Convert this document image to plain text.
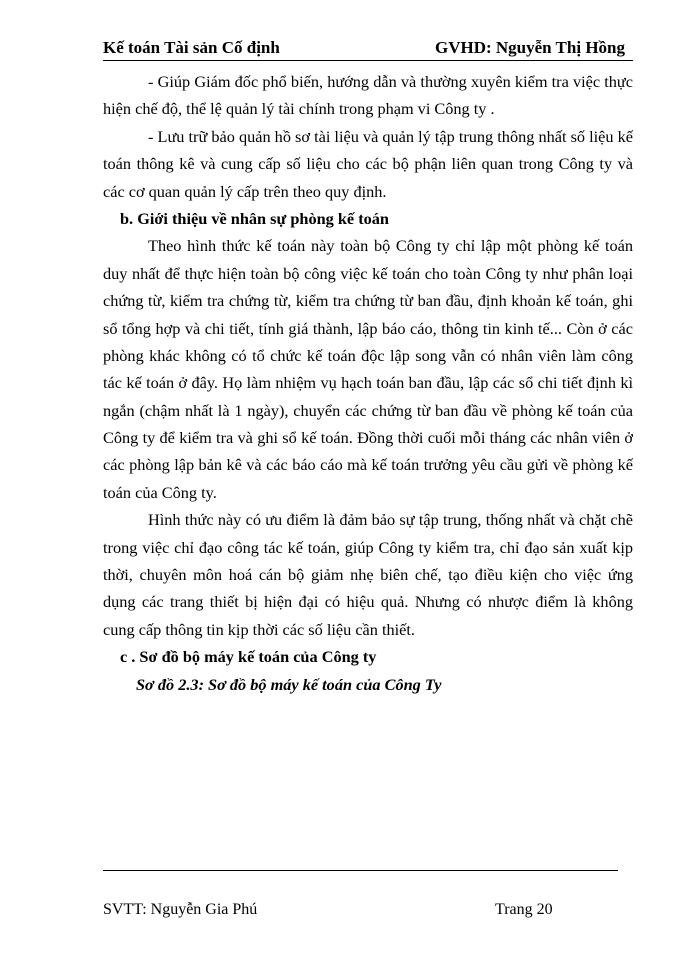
Kế toán Tài sản Cố định	GVHD: Nguyễn Thị Hồng
- Giúp Giám đốc phổ biến, hướng dẫn và thường xuyên kiểm tra việc thực
hiện chế độ, thể lệ quản lý tài chính trong phạm vi Công ty .
- Lưu trữ bảo quản hồ sơ tài liệu và quản lý tập trung thông nhất số liệu kế
toán thông kê và cung cấp số liệu cho các bộ phận liên quan trong Công ty và
các cơ quan quản lý cấp trên theo quy định.
b. Giới thiệu về nhân sự phòng kế toán
Theo hình thức kế toán này toàn bộ Công ty chỉ lập một phòng kế toán
duy nhất để thực hiện toàn bộ công việc kế toán cho toàn Công ty như phân loại
chứng từ, kiểm tra chứng từ, kiểm tra chứng từ ban đầu, định khoản kế toán, ghi
sổ tổng hợp và chi tiết, tính giá thành, lập báo cáo, thông tin kinh tế... Còn ở các
phòng khác không có tổ chức kế toán độc lập song vẫn có nhân viên làm công
tác kế toán ở đây. Họ làm nhiệm vụ hạch toán ban đầu, lập các sổ chi tiết định kì
ngắn (chậm nhất là 1 ngày), chuyển các chứng từ ban đầu về phòng kế toán của
Công ty để kiểm tra và ghi sổ kế toán. Đồng thời cuối mỗi tháng các nhân viên ở
các phòng lập bản kê và các báo cáo mà kế toán trưởng yêu cầu gửi về phòng kế
toán của Công ty.
Hình thức này có ưu điểm là đảm bảo sự tập trung, thống nhất và chặt chẽ
trong việc chỉ đạo công tác kế toán, giúp Công ty kiểm tra, chỉ đạo sản xuất kịp
thời, chuyên môn hoá cán bộ giảm nhẹ biên chế, tạo điều kiện cho việc ứng
dụng các trang thiết bị hiện đại có hiệu quả. Nhưng có nhược điểm là không
cung cấp thông tin kịp thời các số liệu cần thiết.
c . Sơ đồ bộ máy kế toán của Công ty
Sơ đồ 2.3: Sơ đồ bộ máy kế toán của Công Ty
SVTT: Nguyễn Gia Phú	Trang 20
